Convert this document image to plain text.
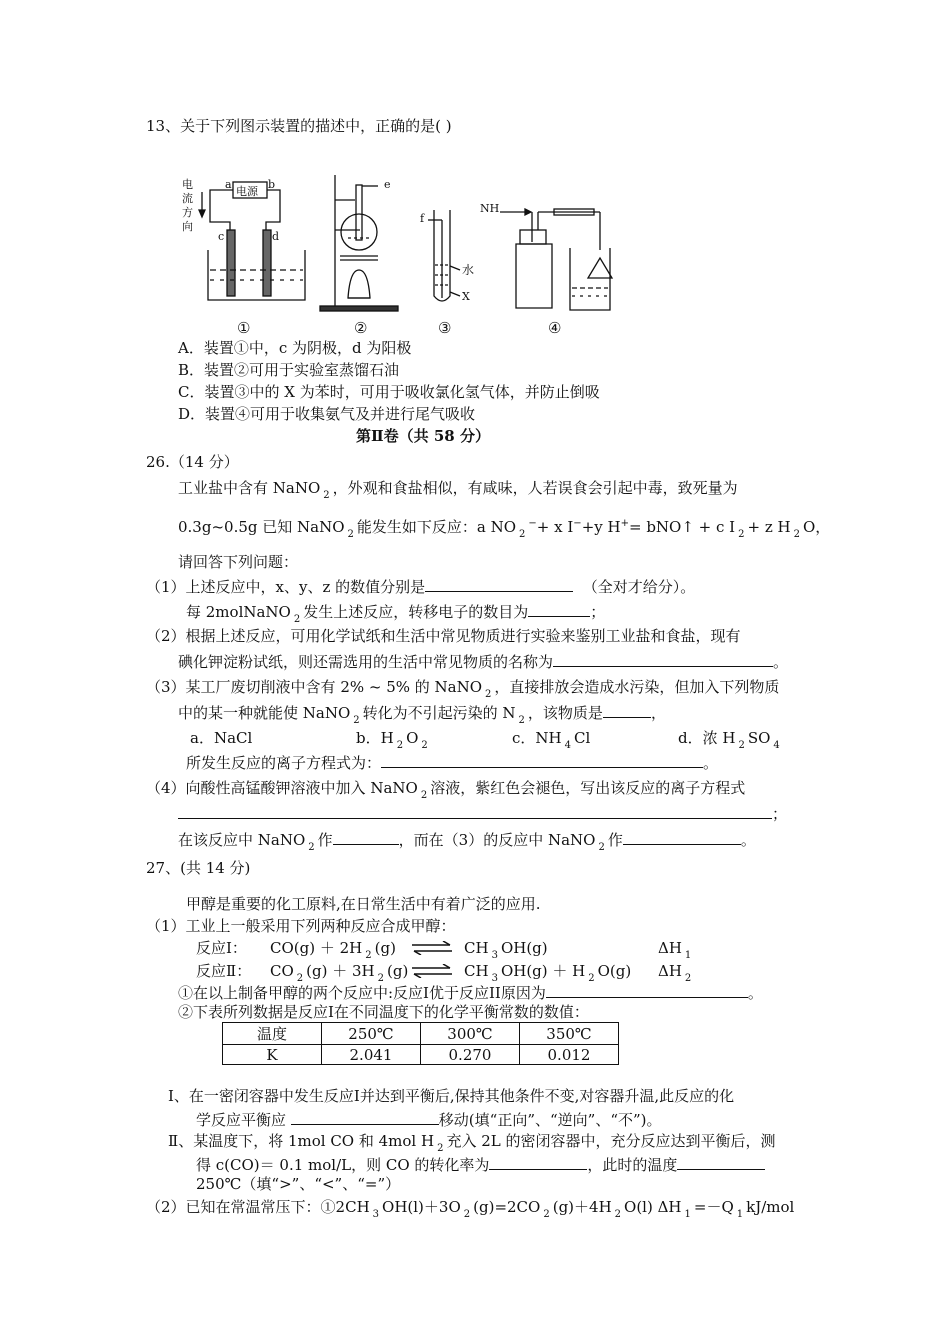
13、关于下列图示装置的描述中，正确的是( )
电
流
方
向
电源
a	b
c	d
e
f
水
X
NH
①	②	③	④
A．装置①中，c 为阴极，d 为阳极
B．装置②可用于实验室蒸馏石油
C．装置③中的 X 为苯时，可用于吸收氯化氢气体，并防止倒吸
D．装置④可用于收集氨气及并进行尾气吸收
第Ⅱ卷（共 58 分）
26.（14 分）
工业盐中含有 NaNO $_2$ ，外观和食盐相似，有咸味，人若误食会引起中毒，致死量为
0.3g~0.5g 已知 NaNO $_2$ 能发生如下反应：a NO $_2$−+ x I−+y H+= bNO↑ + c I $_2$ + z H $_2$ O，
请回答下列问题：
（1）上述反应中，x、y、z 的数值分别是	（全对才给分）。
每 2molNaNO $_2$ 发生上述反应，转移电子的数目为	；
（2）根据上述反应，可用化学试纸和生活中常见物质进行实验来鉴别工业盐和食盐，现有
碘化钾淀粉试纸，则还需选用的生活中常见物质的名称为	。
（3）某工厂废切削液中含有 2% ~ 5% 的 NaNO $_2$ ，直接排放会造成水污染，但加入下列物质
中的某一种就能使 NaNO $_2$ 转化为不引起污染的 N $_2$ ，该物质是	，
a．NaCl	b．H $_2$ O $_2$	c．NH $_4$ Cl	d．浓 H $_2$ SO $_4$
所发生反应的离子方程式为：	。
（4）向酸性高锰酸钾溶液中加入 NaNO $_2$ 溶液，紫红色会褪色，写出该反应的离子方程式
；
在该反应中 NaNO $_2$ 作	，而在（3）的反应中 NaNO $_2$ 作	。
27、(共 14 分)
甲醇是重要的化工原料,在日常生活中有着广泛的应用.
（1）工业上一般采用下列两种反应合成甲醇：
反应Ⅰ： CO(g) ＋ 2H $_2$ (g) ⇌ CH $_3$ OH(g)	ΔH $_1$
反应Ⅱ： CO $_2$ (g) ＋ 3H $_2$ (g) ⇌ CH $_3$ OH(g) ＋ H $_2$ O(g) ΔH $_2$
①在以上制备甲醇的两个反应中:反应Ⅰ优于反应II原因为	。
②下表所列数据是反应Ⅰ在不同温度下的化学平衡常数的数值：
温度	250℃	300℃	350℃
K	2.041	0.270	0.012
Ⅰ、在一密闭容器中发生反应Ⅰ并达到平衡后,保持其他条件不变,对容器升温,此反应的化
学反应平衡应	移动(填“正向”、“逆向”、“不”)。
Ⅱ、某温度下，将 1mol CO 和 4mol H $_2$ 充入 2L 的密闭容器中，充分反应达到平衡后，测
得 c(CO)＝ 0.1 mol/L，则 CO 的转化率为	，此时的温度
250℃（填“>”、“<”、“=”）
（2）已知在常温常压下：①2CH $_3$ OH(l)＋3O $_2$ (g)=2CO $_2$ (g)＋4H $_2$ O(l) ΔH $_1$ =－Q $_1$ kJ/mol
